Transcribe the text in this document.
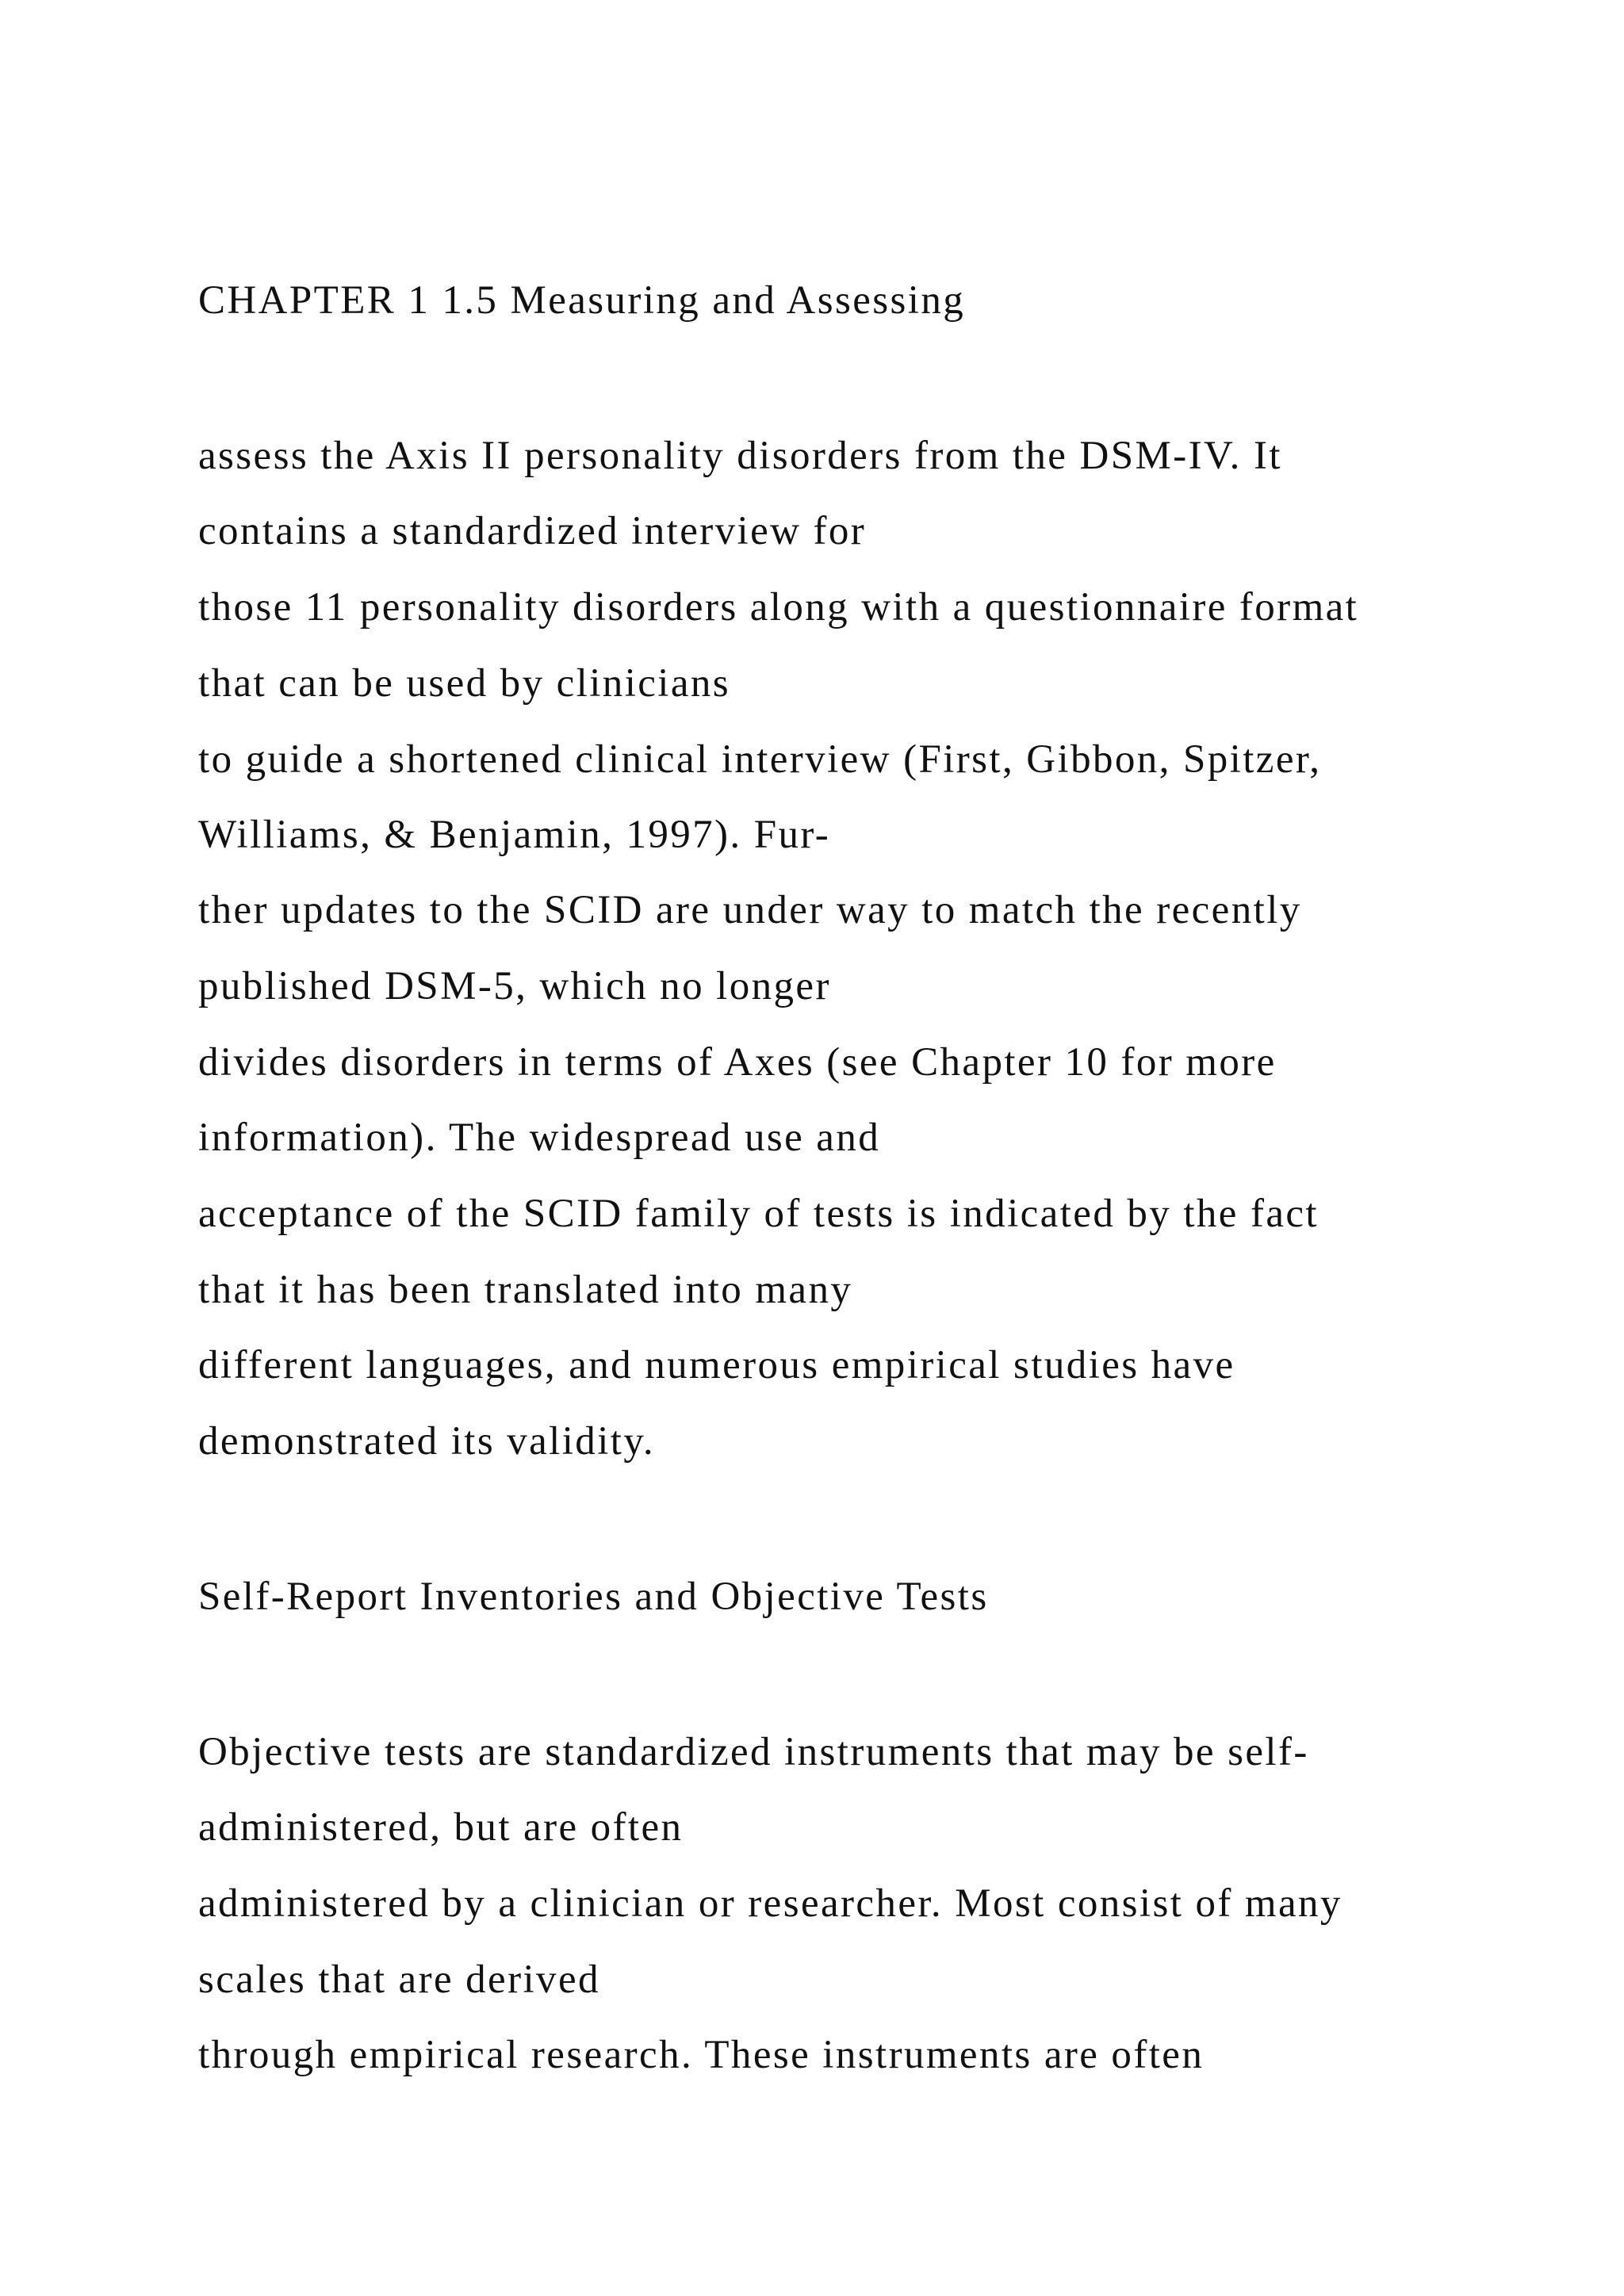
CHAPTER 1 1.5 Measuring and Assessing

assess the Axis II personality disorders from the DSM-IV. It

contains a standardized interview for

those 11 personality disorders along with a questionnaire format

that can be used by clinicians

to guide a shortened clinical interview (First, Gibbon, Spitzer,

Williams, & Benjamin, 1997). Fur-

ther updates to the SCID are under way to match the recently

published DSM-5, which no longer

divides disorders in terms of Axes (see Chapter 10 for more

information). The widespread use and

acceptance of the SCID family of tests is indicated by the fact

that it has been translated into many

different languages, and numerous empirical studies have

demonstrated its validity.

Self-Report Inventories and Objective Tests

Objective tests are standardized instruments that may be self-

administered, but are often

administered by a clinician or researcher. Most consist of many

scales that are derived

through empirical research. These instruments are often
